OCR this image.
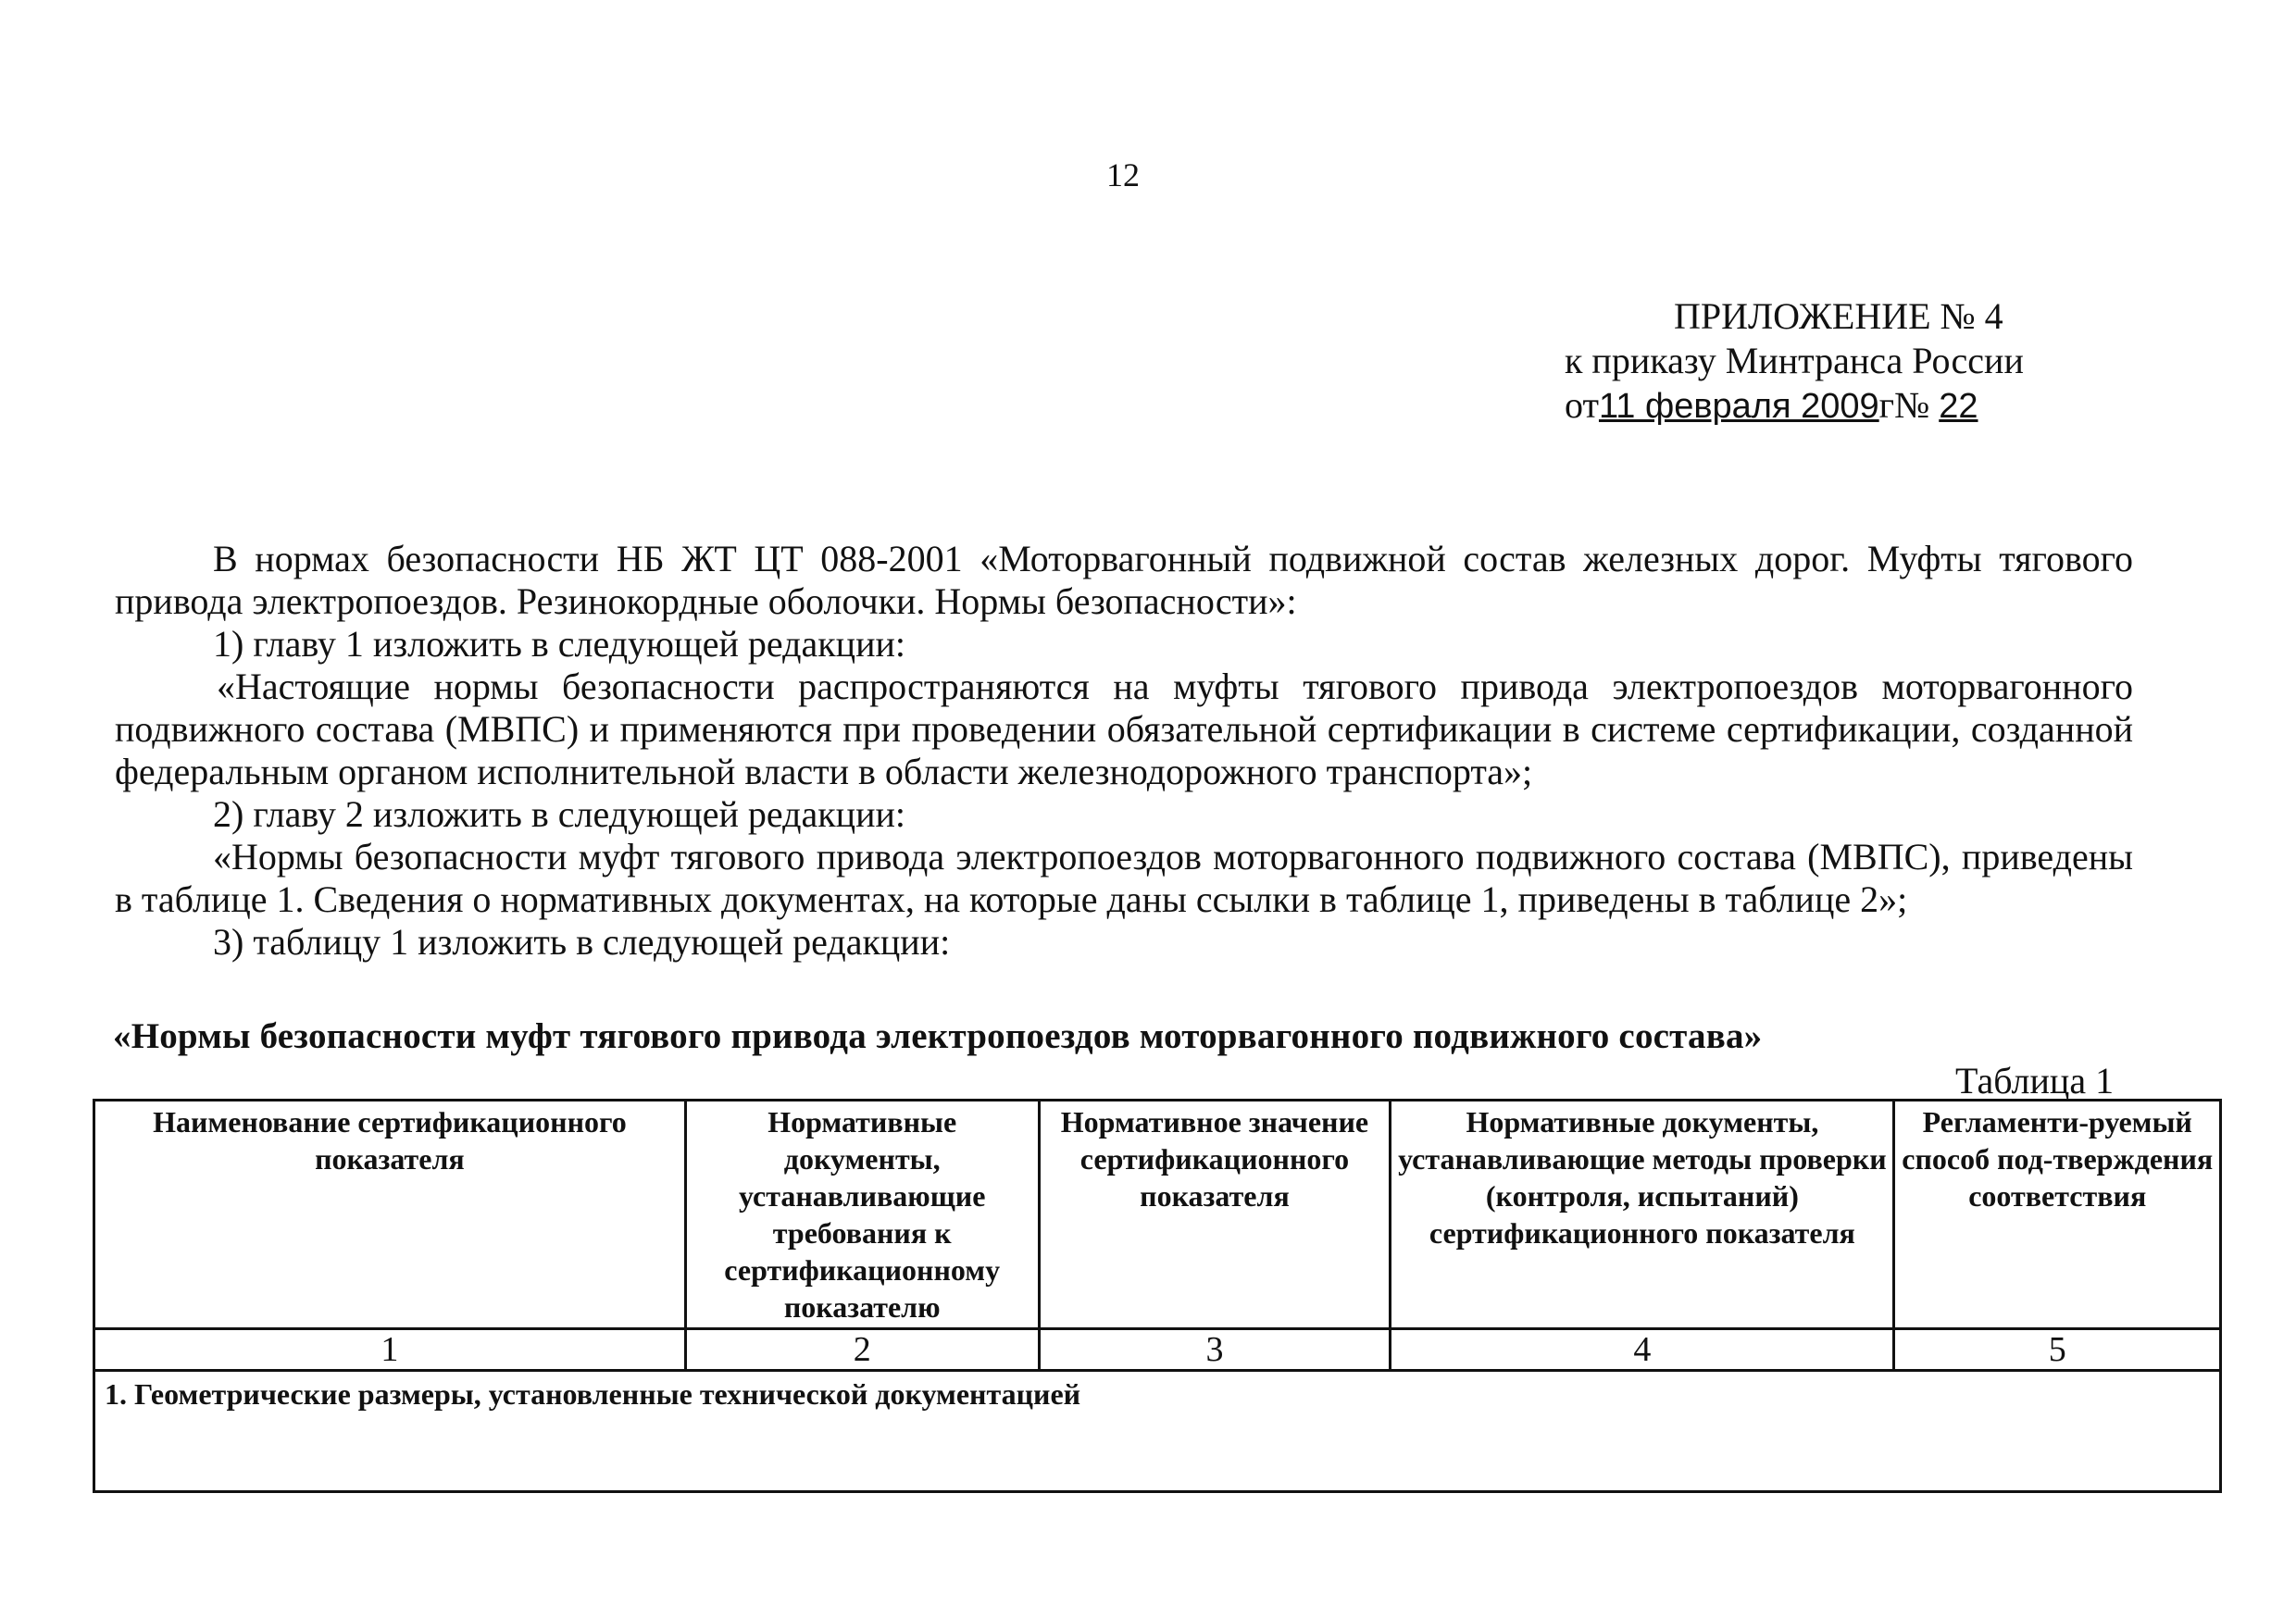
12
ПРИЛОЖЕНИЕ № 4
к приказу Минтранса России
от11 февраля 2009г№ 22

В нормах безопасности НБ ЖТ ЦТ 088-2001 «Моторвагонный подвижной состав железных дорог. Муфты тягового привода электропоездов. Резинокордные оболочки. Нормы безопасности»:

1) главу 1 изложить в следующей редакции:

«Настоящие нормы безопасности распространяются на муфты тягового привода электропоездов моторвагонного подвижного состава (МВПС) и применяются при проведении обязательной сертификации в системе сертификации, созданной федеральным органом исполнительной власти в области железнодорожного транспорта»;

2) главу 2 изложить в следующей редакции:

«Нормы безопасности муфт тягового привода электропоездов моторвагонного подвижного состава (МВПС), приведены в таблице 1. Сведения о нормативных документах, на которые даны ссылки в таблице 1, приведены в таблице 2»;

3) таблицу 1 изложить в следующей редакции:

«Нормы безопасности муфт тягового привода электропоездов моторвагонного подвижного состава»
Таблица 1
Наименование сертификационного показателя	Нормативные документы, устанавливающие требования к сертификационному показателю	Нормативное значение сертификационного показателя	Нормативные документы, устанавливающие методы проверки (контроля, испытаний) сертификационного показателя	Регламенти-руемый способ под-тверждения соответствия
1	2	3	4	5
1. Геометрические размеры, установленные технической документацией				
